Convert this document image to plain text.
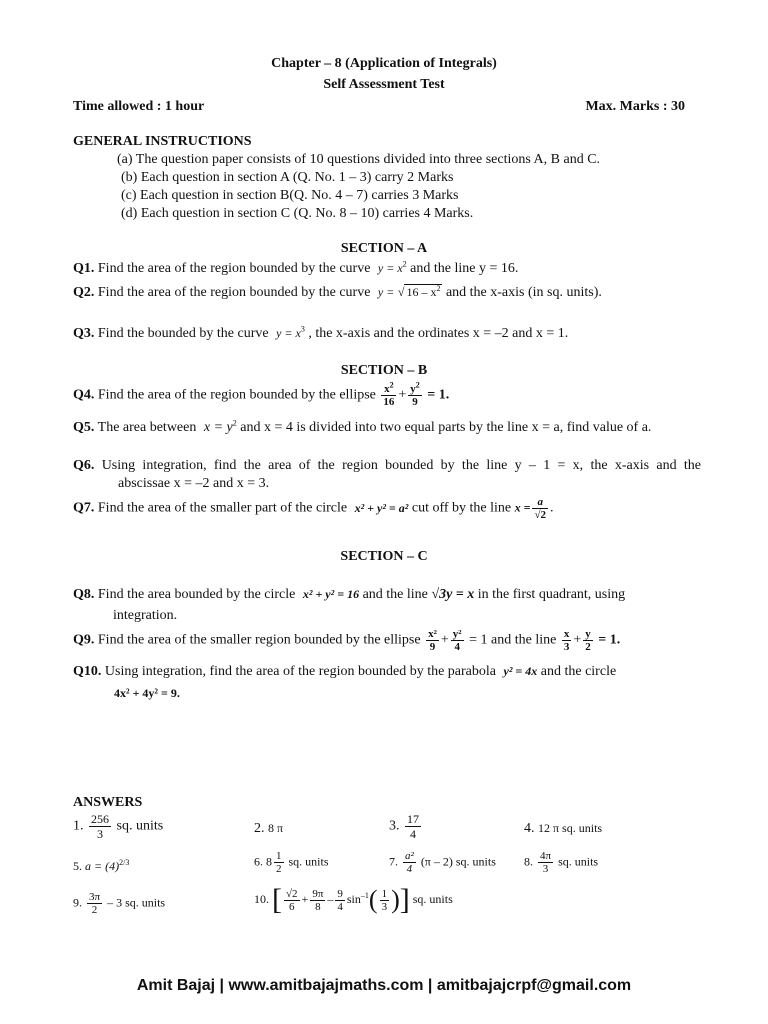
Chapter – 8 (Application of Integrals)
Self Assessment Test
Time allowed : 1 hour	Max. Marks : 30
GENERAL INSTRUCTIONS
(a) The question paper consists of 10 questions divided into three sections A, B and C.
(b) Each question in section A (Q. No. 1 – 3) carry 2 Marks
(c) Each question in section B(Q. No. 4 – 7) carries 3 Marks
(d) Each question in section C (Q. No. 8 – 10) carries 4 Marks.
SECTION – A
Q1. Find the area of the region bounded by the curve $y = x^2$ and the line y = 16.
Q2. Find the area of the region bounded by the curve y = √ $16 - x^2$ and the x-axis (in sq. units).
Q3. Find the bounded by the curve $y = x^3$ , the x-axis and the ordinates x = –2 and x = 1.
SECTION – B
Q4. Find the area of the region bounded by the ellipse $\frac{x^2}{16} + \frac{y^2}{9} = 1$.
Q5. The area between $x = y^2$ and x = 4 is divided into two equal parts by the line x = a, find value of a.
Q6. Using integration, find the area of the region bounded by the line y – 1 = x, the x-axis and the
abscissae x = –2 and x = 3.
Q7. Find the area of the smaller part of the circle x² + y² = a² cut off by the line $x = \frac{a}{√2}$ .
SECTION – C
Q8. Find the area bounded by the circle x² + y² = 16 and the line √3y = x in the first quadrant, using
integration.
Q9. Find the area of the smaller region bounded by the ellipse $\frac{\text{x²}}{9} + \frac{\text{y²}}{4} = 1$ and the line $\frac{x}{3} + \frac{y}{2} = 1$.
Q10. Using integration, find the area of the region bounded by the parabola y² = 4x and the circle
4x² + 4y² = 9.
ANSWERS
1. $\frac{256}{3}$ sq. units	2. 8 π	3. $\frac{17}{4}$	4. 12 π sq. units
5. $a = (4)^{2/3}$	6. $8 \frac{1}{2}$ sq. units	7. $\frac{\text{a²}}{4} (\pi - 2)$ sq. units 8. $\frac{4\pi}{3}$ sq. units
9. $\frac{3\pi}{2} - 3$ sq. units	10. [ $\frac{√2}{6} + \frac{9\pi}{8} - \frac{9}{4} \sin^{-1}( \frac{1}{3}$ )] sq. units
Amit Bajaj | www.amitbajajmaths.com | amitbajajcrpf@gmail.com
